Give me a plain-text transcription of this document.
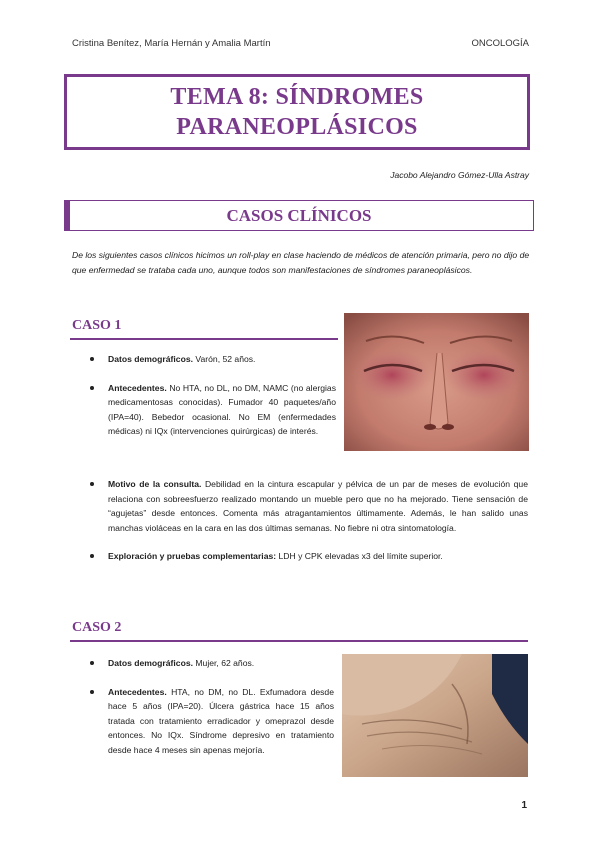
Cristina Benítez, María Hernán y Amalia Martín	ONCOLOGÍA
TEMA 8: SÍNDROMES
PARANEOPLÁSICOS
Jacobo Alejandro Gómez-Ulla Astray
CASOS CLÍNICOS
De los siguientes casos clínicos hicimos un roll-play en clase haciendo de médicos de atención primaria, pero no dijo de que enfermedad se trataba cada uno, aunque todos son manifestaciones de síndromes paraneoplásicos.
CASO 1
Datos demográficos. Varón, 52 años.
Antecedentes. No HTA, no DL, no DM, NAMC (no alergias medicamentosas conocidas). Fumador 40 paquetes/año (IPA=40). Bebedor ocasional. No EM (enfermedades médicas) ni IQx (intervenciones quirúrgicas) de interés.
Motivo de la consulta. Debilidad en la cintura escapular y pélvica de un par de meses de evolución que relaciona con sobreesfuerzo realizado montando un mueble pero que no ha mejorado. Tiene sensación de “agujetas” desde entonces. Comenta más atragantamientos últimamente. Además, le han salido unas manchas violáceas en la cara en las dos últimas semanas. No fiebre ni otra sintomatología.
Exploración y pruebas complementarias: LDH y CPK elevadas x3 del límite superior.
CASO 2
Datos demográficos. Mujer, 62 años.
Antecedentes. HTA, no DM, no DL. Exfumadora desde hace 5 años (IPA=20). Úlcera gástrica hace 15 años tratada con tratamiento erradicador y omeprazol desde entonces. No IQx. Síndrome depresivo en tratamiento desde hace 4 meses sin apenas mejoría.
1
